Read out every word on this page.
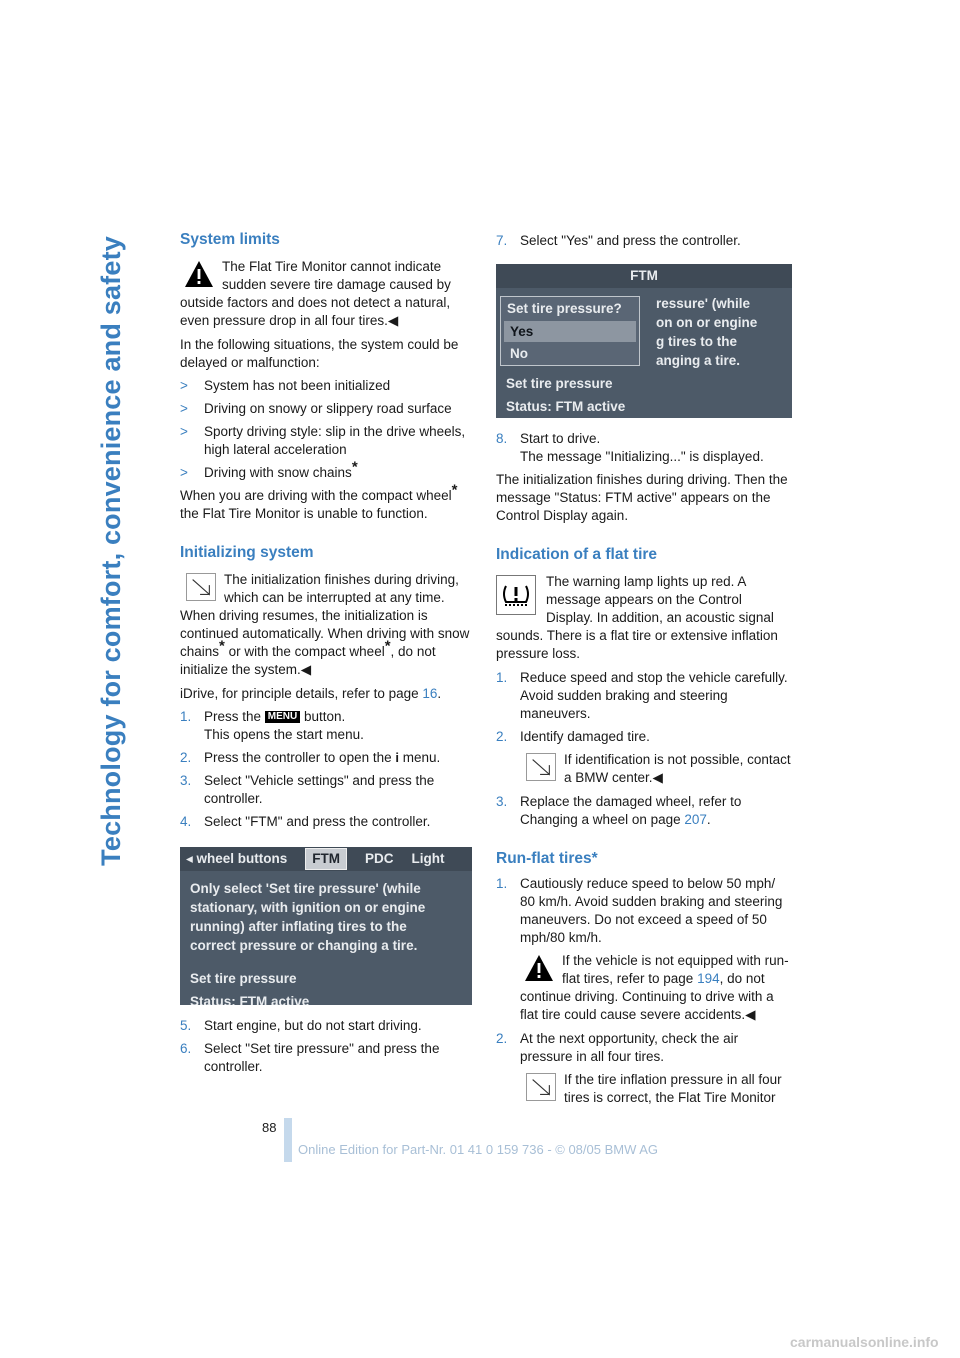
Technology for comfort, convenience and safety	System limits
The Flat Tire Monitor cannot indicate sudden severe tire damage caused by outside factors and does not detect a natural, even pressure drop in all four tires.◀

In the following situations, the system could be delayed or malfunction:

>	System has not been initialized
>	Driving on snowy or slippery road surface
>	Sporty driving style: slip in the drive wheels, high lateral acceleration
>	Driving with snow chains*

When you are driving with the compact wheel* the Flat Tire Monitor is unable to function.

Initializing system
The initialization finishes during driving, which can be interrupted at any time. When driving resumes, the initialization is continued automatically. When driving with snow chains* or with the compact wheel*, do not initialize the system.◀

iDrive, for principle details, refer to page 16.

1. Press the MENU button.
This opens the start menu.
2. Press the controller to open the i menu.
3. Select "Vehicle settings" and press the controller.
4. Select "FTM" and press the controller.
◂ wheel buttons	FTM	PDC Light
Only select 'Set tire pressure' (while
stationary, with ignition on or engine
running) after inflating tires to the
correct pressure or changing a tire.
Set tire pressure
Status: FTM active
5. Start engine, but do not start driving.
6. Select "Set tire pressure" and press the controller.
7. Select "Yes" and press the controller.
FTM
ressure' (while
on on or engine
g tires to the
anging a tire.
Set tire pressure?
Yes
No
Set tire pressure
Status: FTM active
8. Start to drive.
The message "Initializing..." is displayed.

The initialization finishes during driving. Then the message "Status: FTM active" appears on the Control Display again.

Indication of a flat tire
The warning lamp lights up red. A message appears on the Control Display. In addition, an acoustic signal sounds. There is a flat tire or extensive inflation pressure loss.
1. Reduce speed and stop the vehicle carefully. Avoid sudden braking and steering maneuvers.
2. Identify damaged tire.
If identification is not possible, contact a BMW center.◀
3. Replace the damaged wheel, refer to Changing a wheel on page 207.
Run-flat tires*
1. Cautiously reduce speed to below 50 mph/ 80 km/h. Avoid sudden braking and steering maneuvers. Do not exceed a speed of 50 mph/80 km/h.
If the vehicle is not equipped with run-flat tires, refer to page 194, do not continue driving. Continuing to drive with a flat tire could cause severe accidents.◀
2. At the next opportunity, check the air pressure in all four tires.
If the tire inflation pressure in all four tires is correct, the Flat Tire Monitor
88
Online Edition for Part-Nr. 01 41 0 159 736 - © 08/05 BMW AG
carmanualsonline.info
